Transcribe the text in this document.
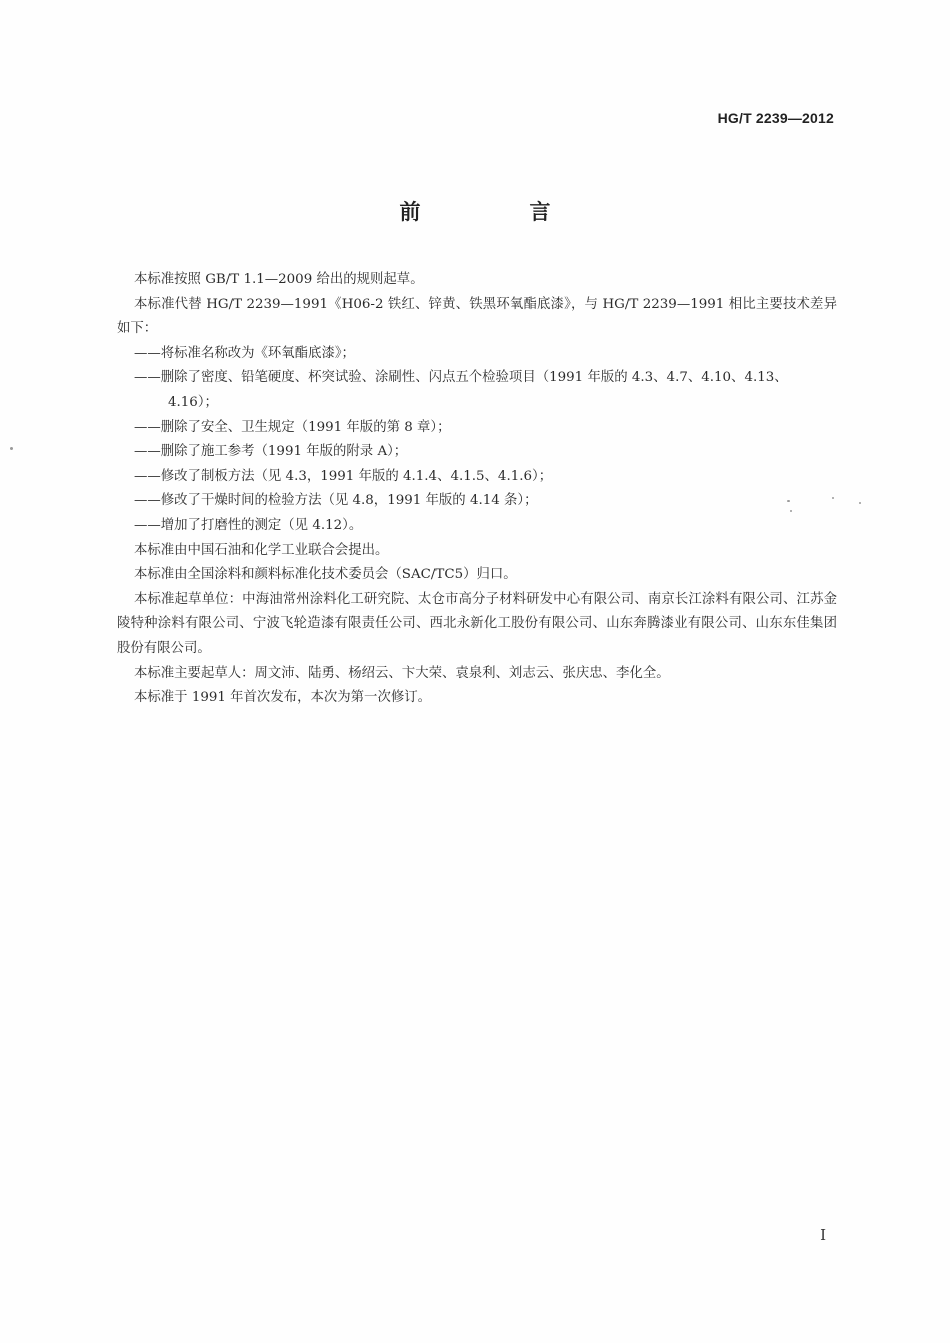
HG/T 2239—2012
前　言

本标准按照 GB/T 1.1—2009 给出的规则起草。

本标准代替 HG/T 2239—1991《H06-2 铁红、锌黄、铁黑环氧酯底漆》，与 HG/T 2239—1991 相比主要技术差异如下：

——将标准名称改为《环氧酯底漆》；

——删除了密度、铅笔硬度、杯突试验、涂刷性、闪点五个检验项目（1991 年版的 4.3、4.7、4.10、4.13、4.16）；

——删除了安全、卫生规定（1991 年版的第 8 章）；

——删除了施工参考（1991 年版的附录 A）；

——修改了制板方法（见 4.3，1991 年版的 4.1.4、4.1.5、4.1.6）；

——修改了干燥时间的检验方法（见 4.8，1991 年版的 4.14 条）；

——增加了打磨性的测定（见 4.12）。

本标准由中国石油和化学工业联合会提出。

本标准由全国涂料和颜料标准化技术委员会（SAC/TC5）归口。

本标准起草单位：中海油常州涂料化工研究院、太仓市高分子材料研发中心有限公司、南京长江涂料有限公司、江苏金陵特种涂料有限公司、宁波飞轮造漆有限责任公司、西北永新化工股份有限公司、山东奔腾漆业有限公司、山东东佳集团股份有限公司。

本标准主要起草人：周文沛、陆勇、杨绍云、卞大荣、袁泉利、刘志云、张庆忠、李化全。

本标准于 1991 年首次发布，本次为第一次修订。

I
